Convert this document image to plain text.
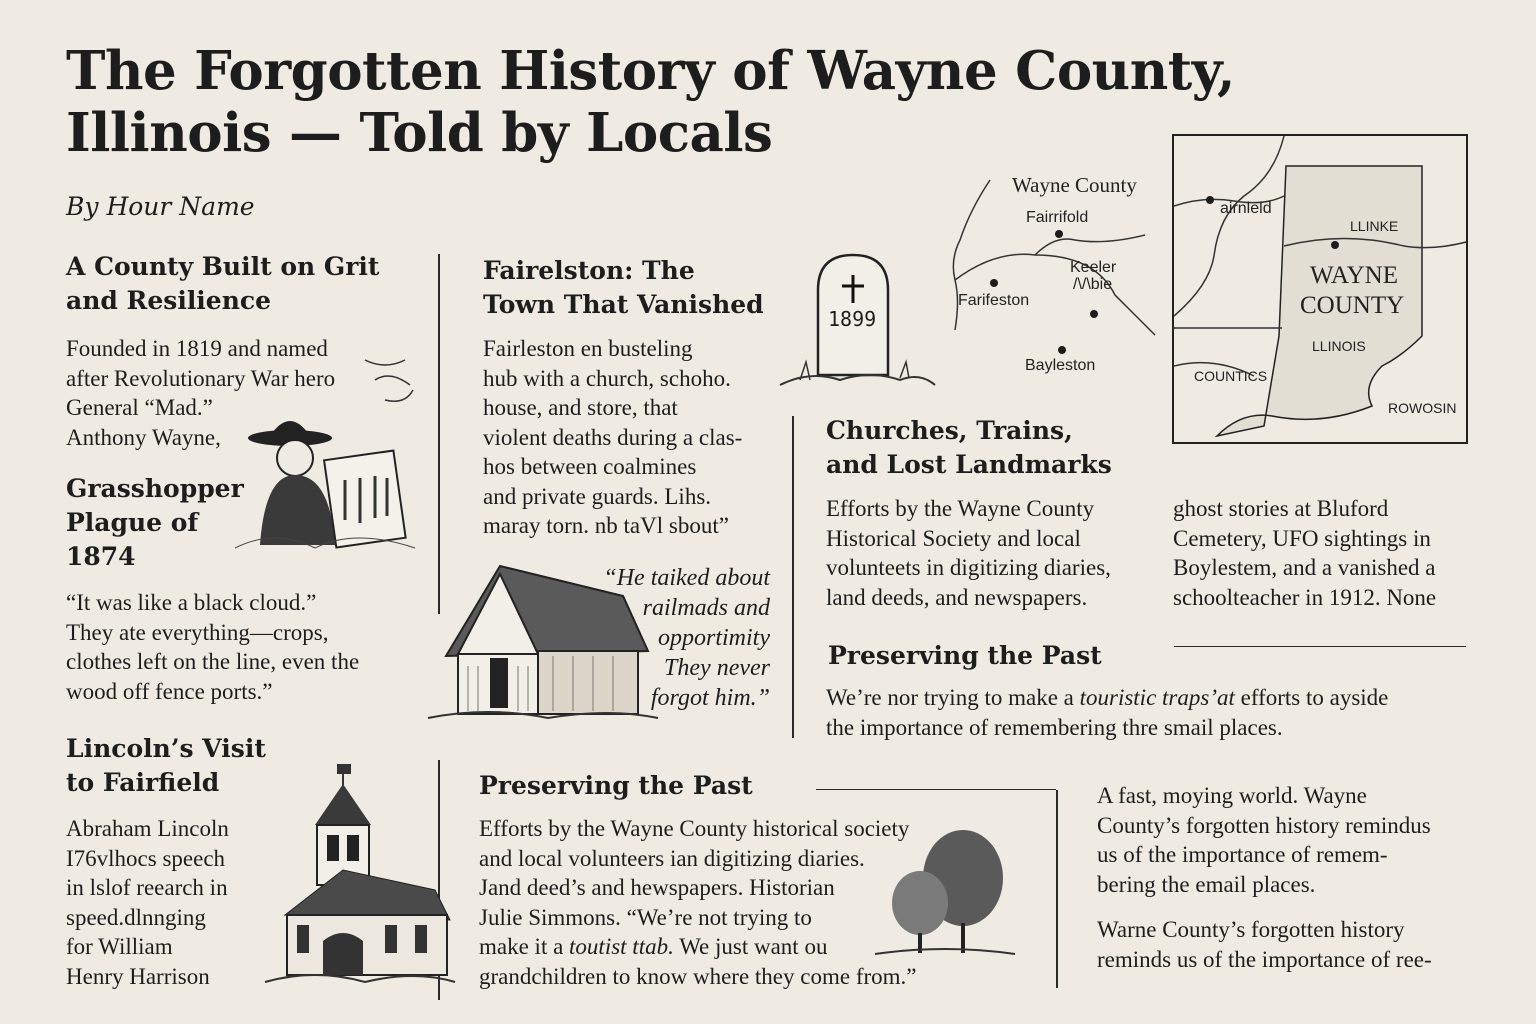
The Forgotten History of Wayne County,
Illinois — Told by Locals
By Hour Name
A County Built on Grit
and Resilience

Founded in 1819 and named
after Revolutionary War hero
General “Mad.”
Anthony Wayne,

Grasshopper
Plague of
1874

“It was like a black cloud.”
They ate everything—crops,
clothes left on the line, even the
wood off fence ports.”

Lincoln’s Visit
to Fairfield

Abraham Lincoln
I76vlhocs speech
in lslof reearch in
speed.dlnnging
for William
Henry Harrison

Fairelston: The
Town That Vanished

Fairleston en busteling
hub with a church, schoho.
house, and store, that
violent deaths during a clas-
hos between coalmines
and private guards. Lihs.
maray torn. nb taVl sbout”

“He taiked about
railmads and
opportimity
They never
forgot him.”
Churches, Trains,
and Lost Landmarks

Efforts by the Wayne County
Historical Society and local
volunteets in digitizing diaries,
land deeds, and newspapers.

ghost stories at Bluford
Cemetery, UFO sightings in
Boylestem, and a vanished a
schoolteacher in 1912. None

Preserving the Past

We’re nor trying to make a touristic traps’at efforts to ayside
the importance of remembering thre smail places.

Preserving the Past

Efforts by the Wayne County historical society
and local volunteers ian digitizing diaries.
Jand deed’s and hewspapers. Historian
Julie Simmons. “We’re not trying to
make it a toutist ttab. We just want ou
grandchildren to know where they come from.”

A fast, moying world. Wayne
County’s forgotten history remindus
us of the importance of remem-
bering the email places.

Warne County’s forgotten history
reminds us of the importance of ree-

1899
Wayne County
Fairrifold
Keeler
/\/\bie
Farifeston
Bayleston
airnleld
LLINKE
WAYNE
COUNTY
LLINOIS
COUNTICS
ROWOSIN
